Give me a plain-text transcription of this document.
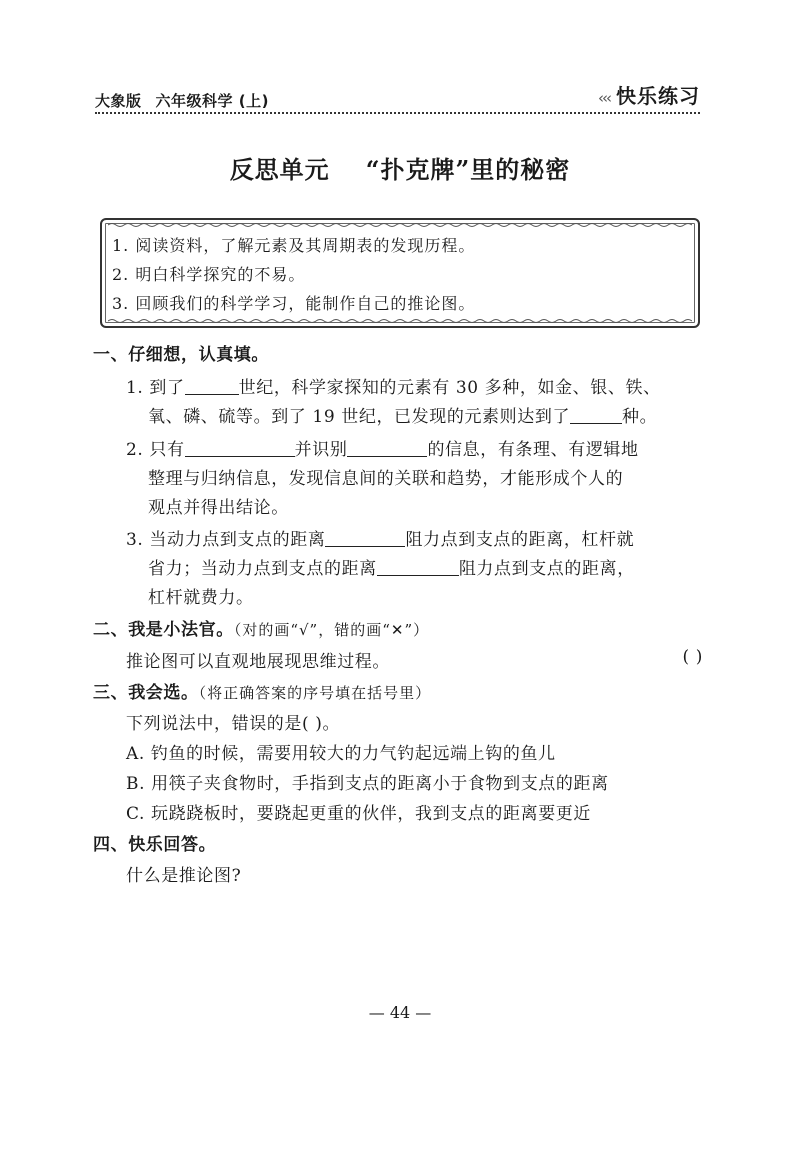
大象版 六年级科学 (上)	‹‹‹ 快乐练习
反思单元 “扑克牌”里的秘密
1. 阅读资料，了解元素及其周期表的发现历程。
2. 明白科学探究的不易。
3. 回顾我们的科学学习，能制作自己的推论图。
一、仔细想，认真填。
1. 到了	世纪，科学家探知的元素有 30 多种，如金、银、铁、
氧、磷、硫等。到了 19 世纪，已发现的元素则达到了	种。
2. 只有	并识别	的信息，有条理、有逻辑地
整理与归纳信息，发现信息间的关联和趋势，才能形成个人的
观点并得出结论。
3. 当动力点到支点的距离	阻力点到支点的距离，杠杆就
省力；当动力点到支点的距离	阻力点到支点的距离，
杠杆就费力。
二、我是小法官。（对的画“√”，错的画“✕”）
推论图可以直观地展现思维过程。	( )
三、我会选。（将正确答案的序号填在括号里）
下列说法中，错误的是( )。
A. 钓鱼的时候，需要用较大的力气钓起远端上钩的鱼儿
B. 用筷子夹食物时，手指到支点的距离小于食物到支点的距离
C. 玩跷跷板时，要跷起更重的伙伴，我到支点的距离要更近
四、快乐回答。
什么是推论图?
— 44 —
